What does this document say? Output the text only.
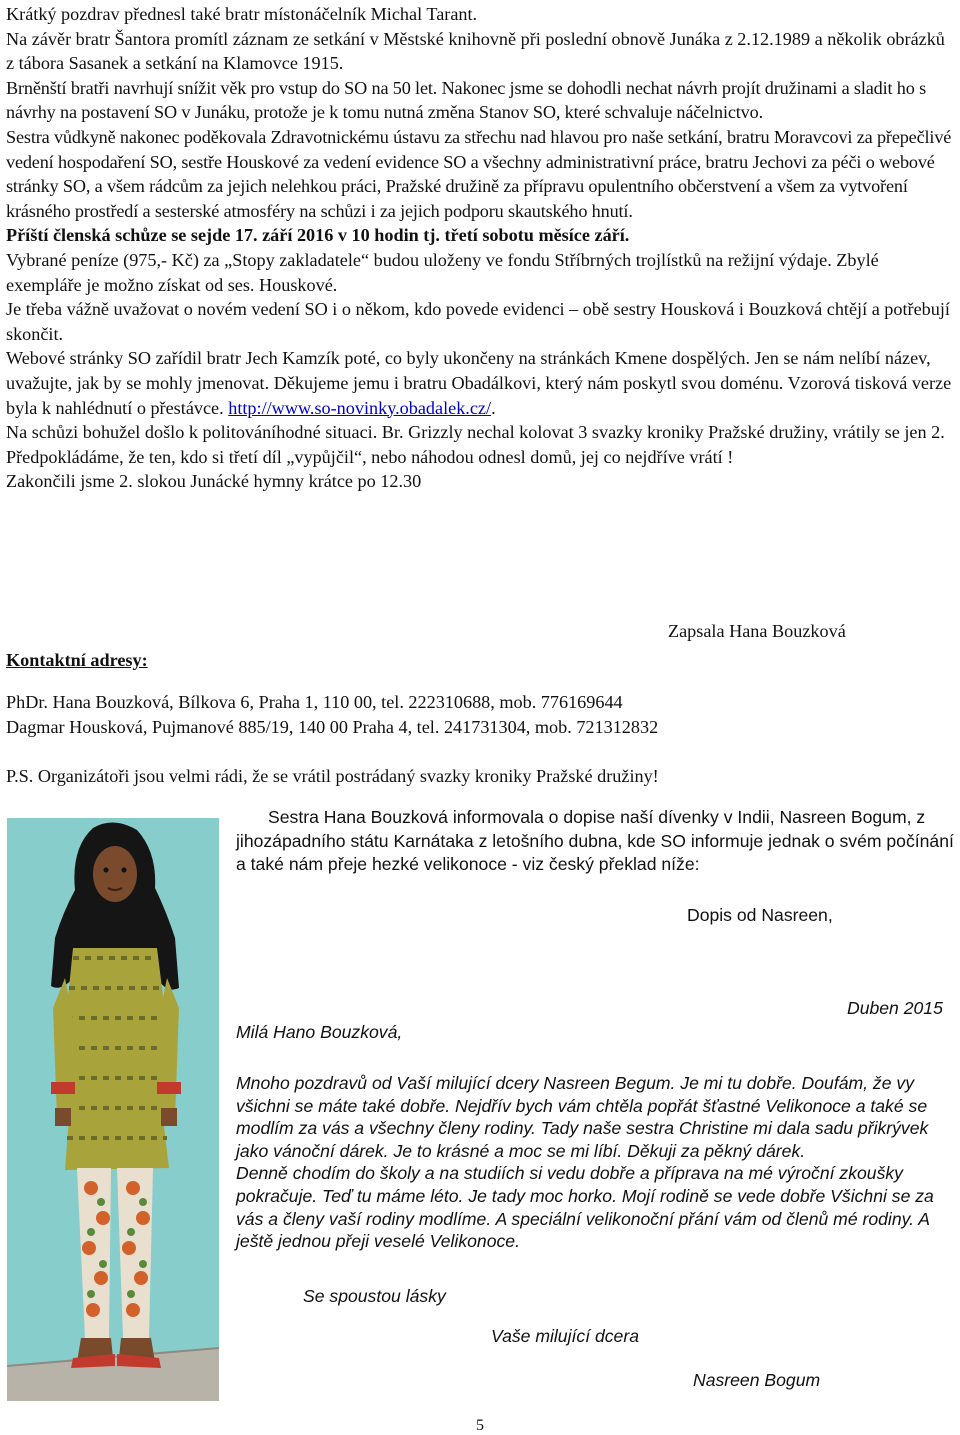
Krátký pozdrav přednesl také bratr místonáčelník Michal Tarant.

Na závěr bratr Šantora promítl záznam ze setkání v Městské knihovně při poslední obnově Junáka z 2.12.1989 a několik obrázků z tábora Sasanek a setkání na Klamovce 1915.

Brněnští bratři navrhují snížit věk pro vstup do SO na 50 let. Nakonec jsme se dohodli nechat návrh projít družinami a sladit ho s návrhy na postavení SO v Junáku, protože je k tomu nutná změna Stanov SO, které schvaluje náčelnictvo.

Sestra vůdkyně nakonec poděkovala Zdravotnickému ústavu za střechu nad hlavou pro naše setkání, bratru Moravcovi za přepečlivé vedení hospodaření SO, sestře Houskové za vedení evidence SO a všechny administrativní práce, bratru Jechovi za péči o webové stránky SO, a všem rádcům za jejich nelehkou práci, Pražské družině za přípravu opulentního občerstvení a všem za vytvoření krásného prostředí a sesterské atmosféry na schůzi i za jejich podporu skautského hnutí.

Příští členská schůze se sejde 17. září 2016 v 10 hodin tj. třetí sobotu měsíce září.

Vybrané peníze (975,- Kč) za „Stopy zakladatele“ budou uloženy ve fondu Stříbrných trojlístků na režijní výdaje. Zbylé exempláře je možno získat od ses. Houskové.

Je třeba vážně uvažovat o novém vedení SO i o někom, kdo povede evidenci – obě sestry Housková i Bouzková chtějí a potřebují skončit.

Webové stránky SO zařídil bratr Jech Kamzík poté, co byly ukončeny na stránkách Kmene dospělých. Jen se nám nelíbí název, uvažujte, jak by se mohly jmenovat. Děkujeme jemu i bratru Obadálkovi, který nám poskytl svou doménu. Vzorová tisková verze byla k nahlédnutí o přestávce. http://www.so-novinky.obadalek.cz/.

Na schůzi bohužel došlo k politováníhodné situaci. Br. Grizzly nechal kolovat 3 svazky kroniky Pražské družiny, vrátily se jen 2. Předpokládáme, že ten, kdo si třetí díl „vypůjčil“, nebo náhodou odnesl domů, jej co nejdříve vrátí !

Zakončili jsme 2. slokou Junácké hymny krátce po 12.30

Zapsala Hana Bouzková
Kontaktní adresy:
PhDr. Hana Bouzková, Bílkova 6, Praha 1, 110 00, tel. 222310688, mob. 776169644
Dagmar Housková, Pujmanové 885/19, 140 00 Praha 4, tel. 241731304, mob. 721312832
P.S. Organizátoři jsou velmi rádi, že se vrátil postrádaný svazky kroniky Pražské družiny!
Sestra Hana Bouzková informovala o dopise naší dívenky v Indii, Nasreen Bogum, z jihozápadního státu Karnátaka z letošního dubna, kde SO informuje jednak o svém počínání a také nám přeje hezké velikonoce - viz český překlad níže:
Dopis od Nasreen,
Duben 2015
Milá Hano Bouzková,

Mnoho pozdravů od Vaší milující dcery Nasreen Begum. Je mi tu dobře. Doufám, že vy všichni se máte také dobře. Nejdřív bych vám chtěla popřát šťastné Velikonoce a také se modlím za vás a všechny členy rodiny. Tady naše sestra Christine mi dala sadu přikrývek jako vánoční dárek. Je to krásné a moc se mi líbí. Děkuji za pěkný dárek.

Denně chodím do školy a na studiích si vedu dobře a příprava na mé výroční zkoušky pokračuje. Teď tu máme léto. Je tady moc horko. Mojí rodině se vede dobře Všichni se za vás a členy vaší rodiny modlíme. A speciální velikonoční přání vám od členů mé rodiny. A ještě jednou přeji veselé Velikonoce.

Se spoustou lásky
Vaše milující dcera
Nasreen Bogum
5
